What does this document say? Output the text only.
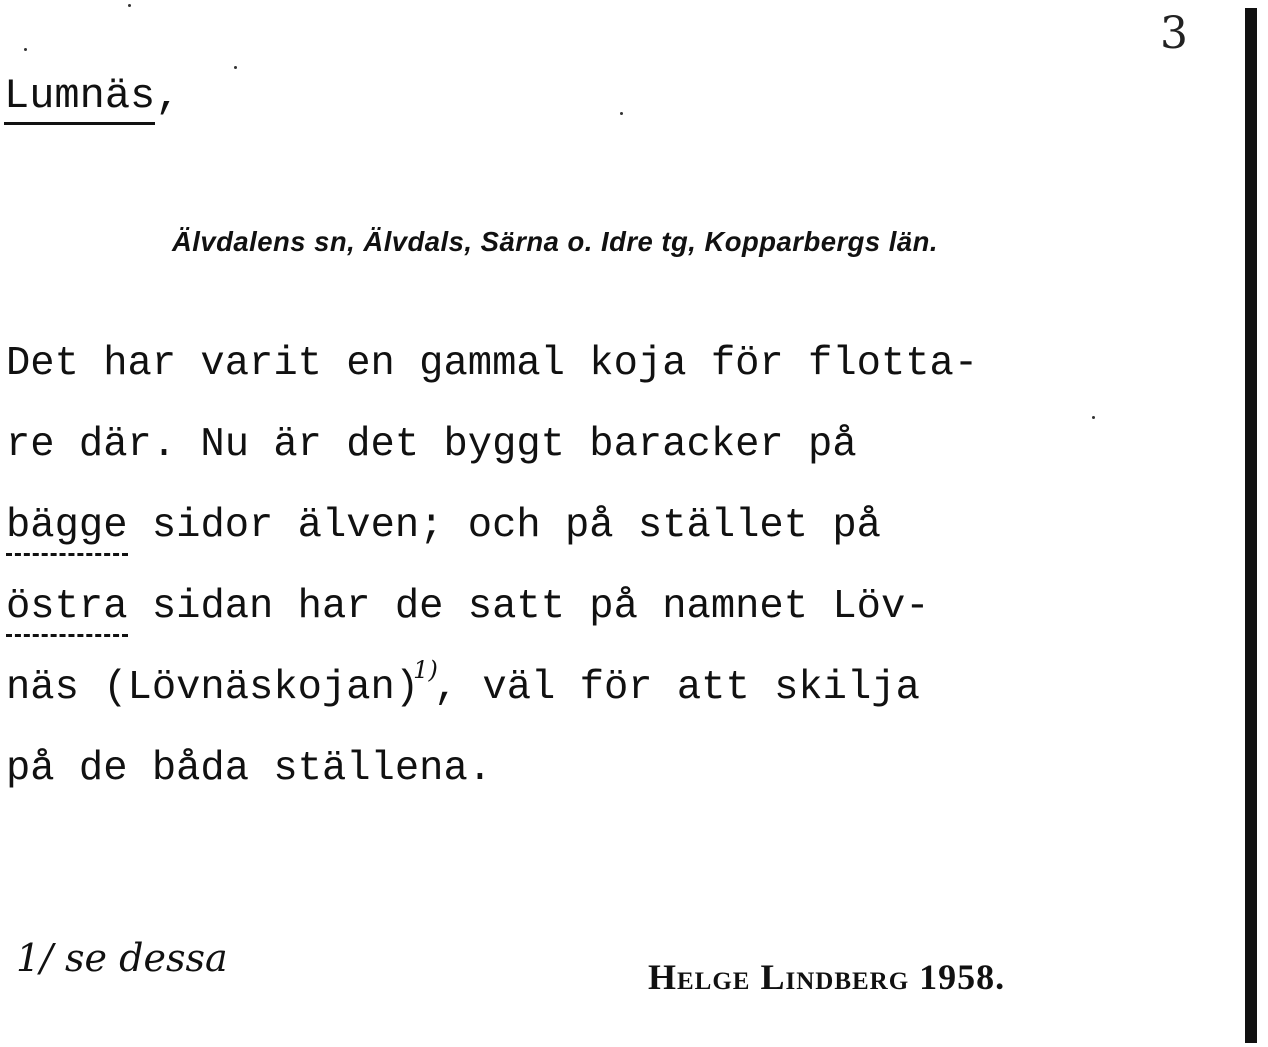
3
Lumnäs,
Älvdalens sn, Älvdals, Särna o. Idre tg, Kopparbergs län.
Det har varit en gammal koja för flotta-
re där. Nu är det byggt baracker på
bägge sidor älven; och på stället på
östra sidan har de satt på namnet Löv-
näs (Lövnäskojan)$^{1)}$, väl för att skilja
på de båda ställena.
1/ se dessa	Helge Lindberg 1958.
